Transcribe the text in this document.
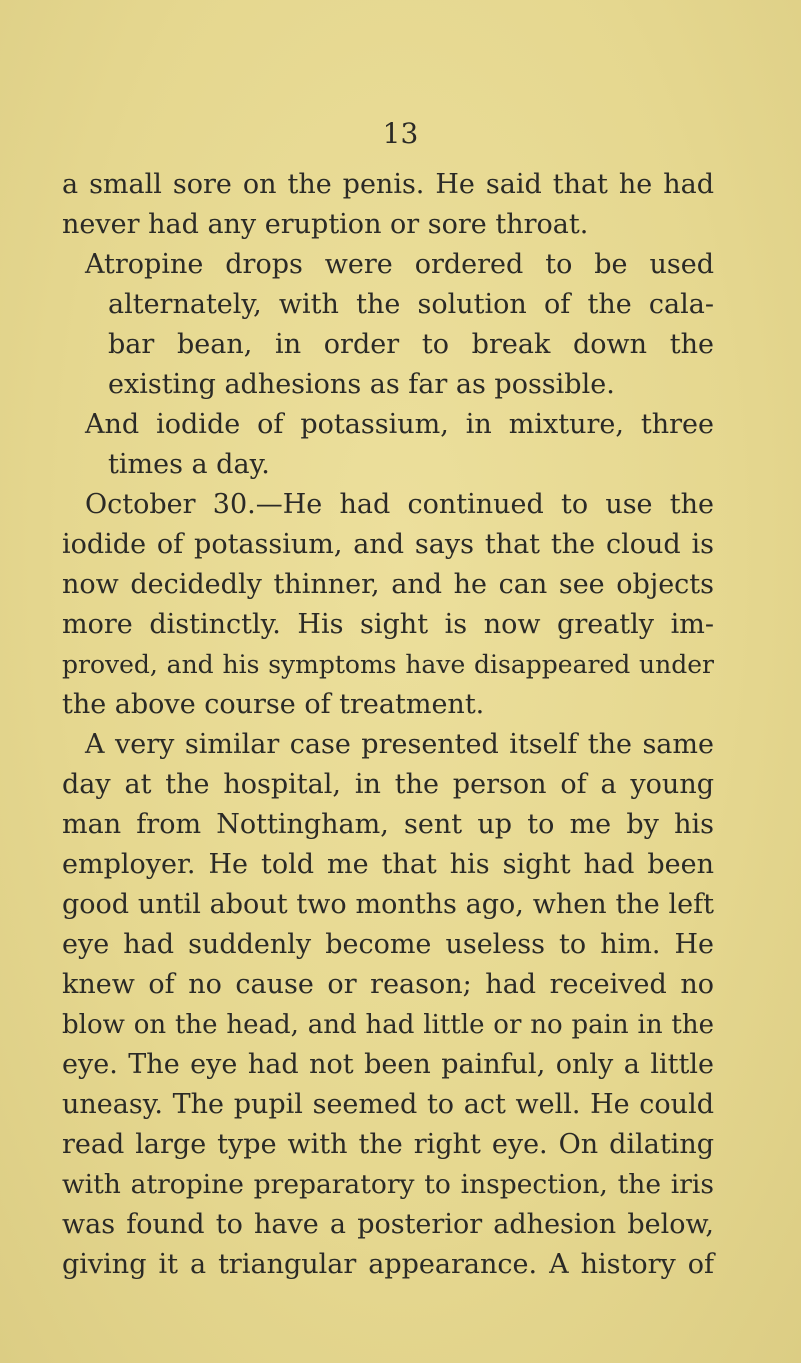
13
a small sore on the penis. He said that he had
never had any eruption or sore throat.
Atropine drops were ordered to be used
alternately, with the solution of the cala-
bar bean, in order to break down the
existing adhesions as far as possible.
And iodide of potassium, in mixture, three
times a day.
October 30.—He had continued to use the
iodide of potassium, and says that the cloud is
now decidedly thinner, and he can see objects
more distinctly. His sight is now greatly im-
proved, and his symptoms have disappeared under
the above course of treatment.
A very similar case presented itself the same
day at the hospital, in the person of a young
man from Nottingham, sent up to me by his
employer. He told me that his sight had been
good until about two months ago, when the left
eye had suddenly become useless to him. He
knew of no cause or reason; had received no
blow on the head, and had little or no pain in the
eye. The eye had not been painful, only a little
uneasy. The pupil seemed to act well. He could
read large type with the right eye. On dilating
with atropine preparatory to inspection, the iris
was found to have a posterior adhesion below,
giving it a triangular appearance. A history of
